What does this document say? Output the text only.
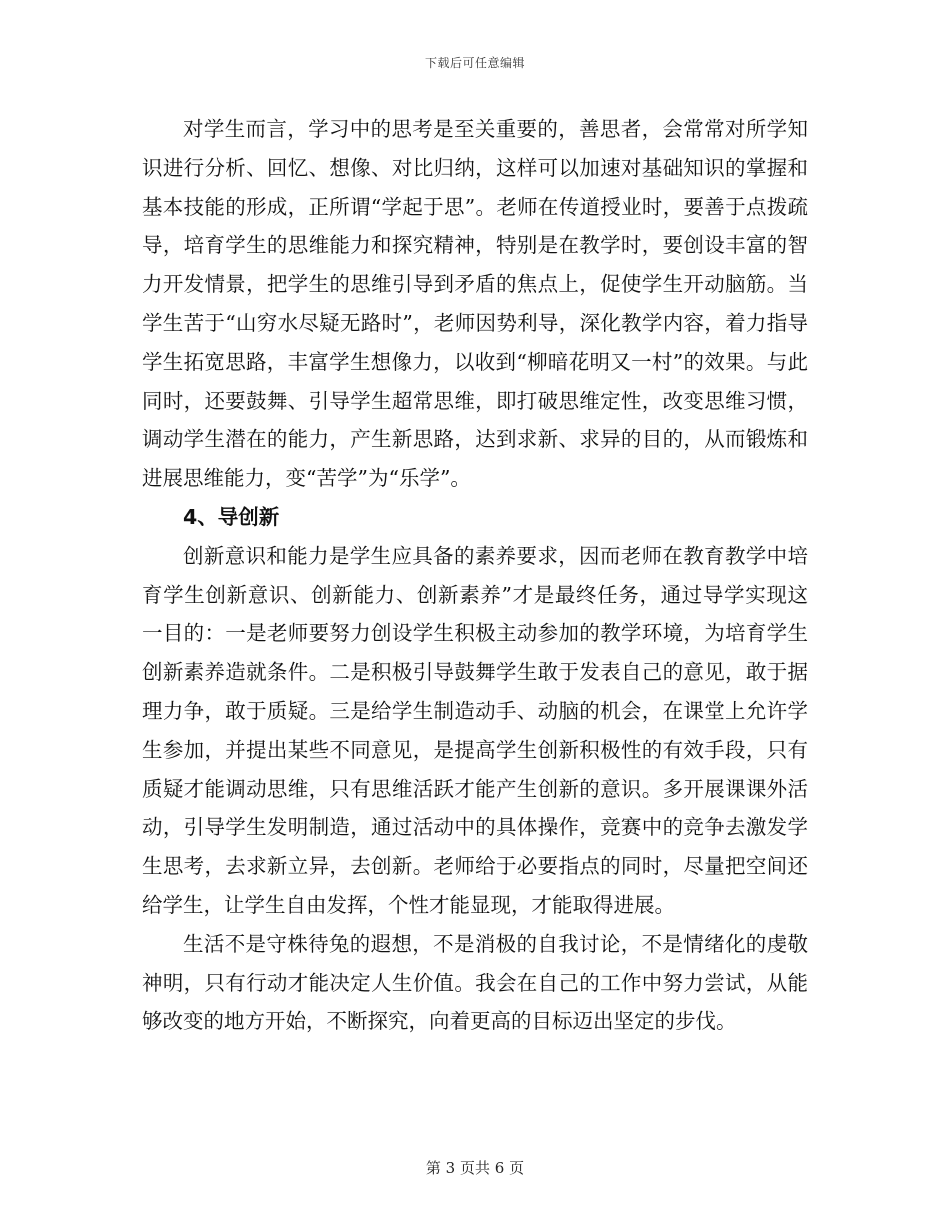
下载后可任意编辑

对学生而言，学习中的思考是至关重要的，善思者，会常常对所学知识进行分析、回忆、想像、对比归纳，这样可以加速对基础知识的掌握和基本技能的形成，正所谓“学起于思”。老师在传道授业时，要善于点拨疏导，培育学生的思维能力和探究精神，特别是在教学时，要创设丰富的智力开发情景，把学生的思维引导到矛盾的焦点上，促使学生开动脑筋。当学生苦于“山穷水尽疑无路时”，老师因势利导，深化教学内容，着力指导学生拓宽思路，丰富学生想像力，以收到“柳暗花明又一村”的效果。与此同时，还要鼓舞、引导学生超常思维，即打破思维定性，改变思维习惯，调动学生潜在的能力，产生新思路，达到求新、求异的目的，从而锻炼和进展思维能力，变“苦学”为“乐学”。

4、导创新

创新意识和能力是学生应具备的素养要求，因而老师在教育教学中培育学生创新意识、创新能力、创新素养”才是最终任务，通过导学实现这一目的：一是老师要努力创设学生积极主动参加的教学环境，为培育学生创新素养造就条件。二是积极引导鼓舞学生敢于发表自己的意见，敢于据理力争，敢于质疑。三是给学生制造动手、动脑的机会，在课堂上允许学生参加，并提出某些不同意见，是提高学生创新积极性的有效手段，只有质疑才能调动思维，只有思维活跃才能产生创新的意识。多开展课课外活动，引导学生发明制造，通过活动中的具体操作，竞赛中的竞争去激发学生思考，去求新立异，去创新。老师给于必要指点的同时，尽量把空间还给学生，让学生自由发挥，个性才能显现，才能取得进展。

生活不是守株待兔的遐想，不是消极的自我讨论，不是情绪化的虔敬神明，只有行动才能决定人生价值。我会在自己的工作中努力尝试，从能够改变的地方开始，不断探究，向着更高的目标迈出坚定的步伐。

第 3 页共 6 页
